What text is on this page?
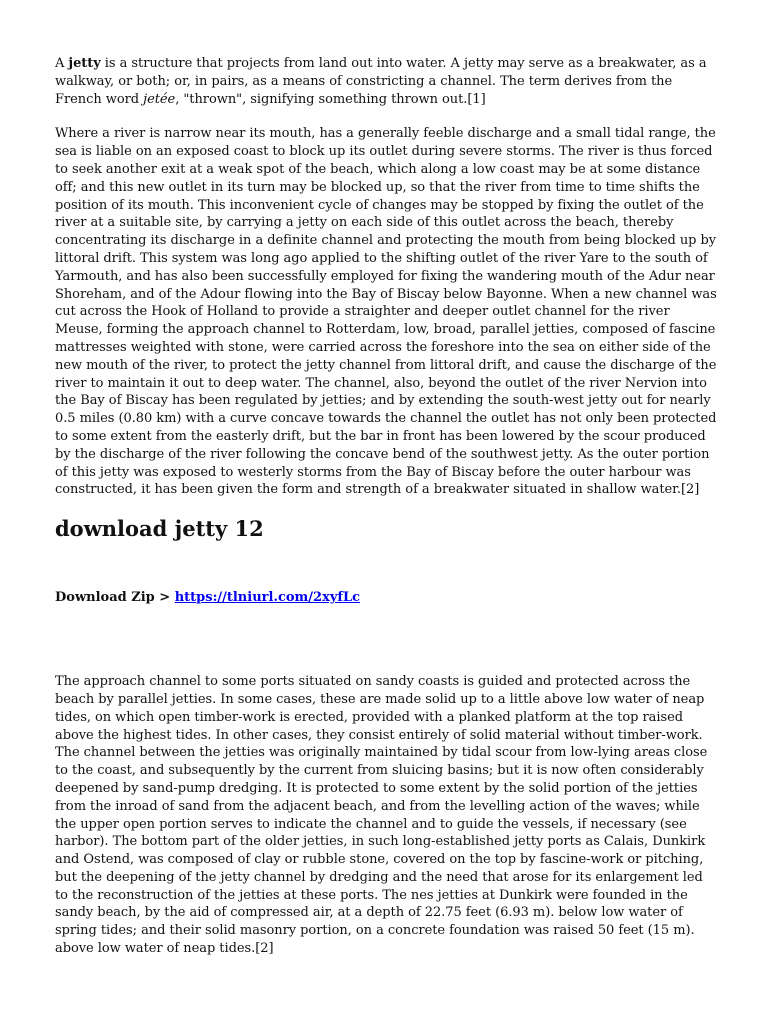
A jetty is a structure that projects from land out into water. A jetty may serve as a breakwater, as a walkway, or both; or, in pairs, as a means of constricting a channel. The term derives from the French word jetée, "thrown", signifying something thrown out.[1]

Where a river is narrow near its mouth, has a generally feeble discharge and a small tidal range, the sea is liable on an exposed coast to block up its outlet during severe storms. The river is thus forced to seek another exit at a weak spot of the beach, which along a low coast may be at some distance off; and this new outlet in its turn may be blocked up, so that the river from time to time shifts the position of its mouth. This inconvenient cycle of changes may be stopped by fixing the outlet of the river at a suitable site, by carrying a jetty on each side of this outlet across the beach, thereby concentrating its discharge in a definite channel and protecting the mouth from being blocked up by littoral drift. This system was long ago applied to the shifting outlet of the river Yare to the south of Yarmouth, and has also been successfully employed for fixing the wandering mouth of the Adur near Shoreham, and of the Adour flowing into the Bay of Biscay below Bayonne. When a new channel was cut across the Hook of Holland to provide a straighter and deeper outlet channel for the river Meuse, forming the approach channel to Rotterdam, low, broad, parallel jetties, composed of fascine mattresses weighted with stone, were carried across the foreshore into the sea on either side of the new mouth of the river, to protect the jetty channel from littoral drift, and cause the discharge of the river to maintain it out to deep water. The channel, also, beyond the outlet of the river Nervion into the Bay of Biscay has been regulated by jetties; and by extending the south-west jetty out for nearly 0.5 miles (0.80 km) with a curve concave towards the channel the outlet has not only been protected to some extent from the easterly drift, but the bar in front has been lowered by the scour produced by the discharge of the river following the concave bend of the southwest jetty. As the outer portion of this jetty was exposed to westerly storms from the Bay of Biscay before the outer harbour was constructed, it has been given the form and strength of a breakwater situated in shallow water.[2]

download jetty 12

Download Zip > https://tlniurl.com/2xyfLc

The approach channel to some ports situated on sandy coasts is guided and protected across the beach by parallel jetties. In some cases, these are made solid up to a little above low water of neap tides, on which open timber-work is erected, provided with a planked platform at the top raised above the highest tides. In other cases, they consist entirely of solid material without timber-work. The channel between the jetties was originally maintained by tidal scour from low-lying areas close to the coast, and subsequently by the current from sluicing basins; but it is now often considerably deepened by sand-pump dredging. It is protected to some extent by the solid portion of the jetties from the inroad of sand from the adjacent beach, and from the levelling action of the waves; while the upper open portion serves to indicate the channel and to guide the vessels, if necessary (see harbor). The bottom part of the older jetties, in such long-established jetty ports as Calais, Dunkirk and Ostend, was composed of clay or rubble stone, covered on the top by fascine-work or pitching, but the deepening of the jetty channel by dredging and the need that arose for its enlargement led to the reconstruction of the jetties at these ports. The nes jetties at Dunkirk were founded in the sandy beach, by the aid of compressed air, at a depth of 22.75 feet (6.93 m). below low water of spring tides; and their solid masonry portion, on a concrete foundation was raised 50 feet (15 m). above low water of neap tides.[2]
